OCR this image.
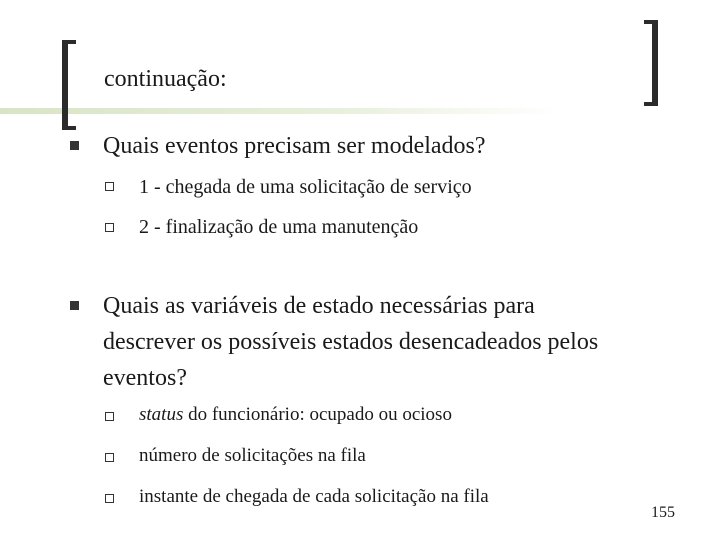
continuação:
Quais eventos precisam ser modelados?
1 - chegada de uma solicitação de serviço
2 - finalização de uma manutenção
Quais as variáveis de estado necessárias para
descrever os possíveis estados desencadeados pelos
eventos?
status do funcionário: ocupado ou ocioso
número de solicitações na fila
instante de chegada de cada solicitação na fila
155
